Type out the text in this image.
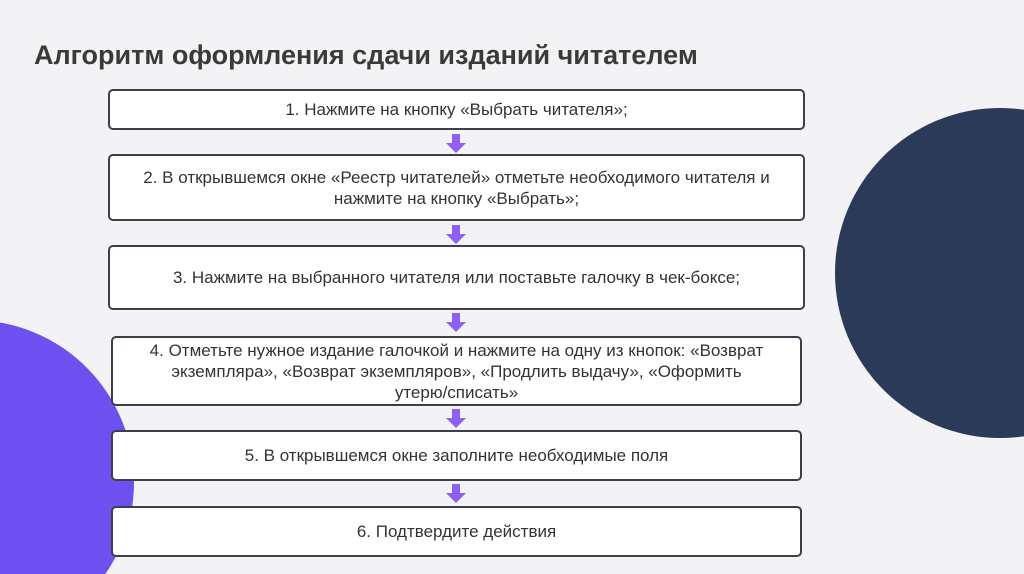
Алгоритм оформления сдачи изданий читателем
1. Нажмите на кнопку «Выбрать читателя»;
2. В открывшемся окне «Реестр читателей» отметьте необходимого читателя и нажмите на кнопку «Выбрать»;
3. Нажмите на выбранного читателя или поставьте галочку в чек-боксе;
4. Отметьте нужное издание галочкой и нажмите на одну из кнопок: «Возврат экземпляра», «Возврат экземпляров», «Продлить выдачу», «Оформить утерю/списать»
5. В открывшемся окне заполните необходимые поля
6. Подтвердите действия
